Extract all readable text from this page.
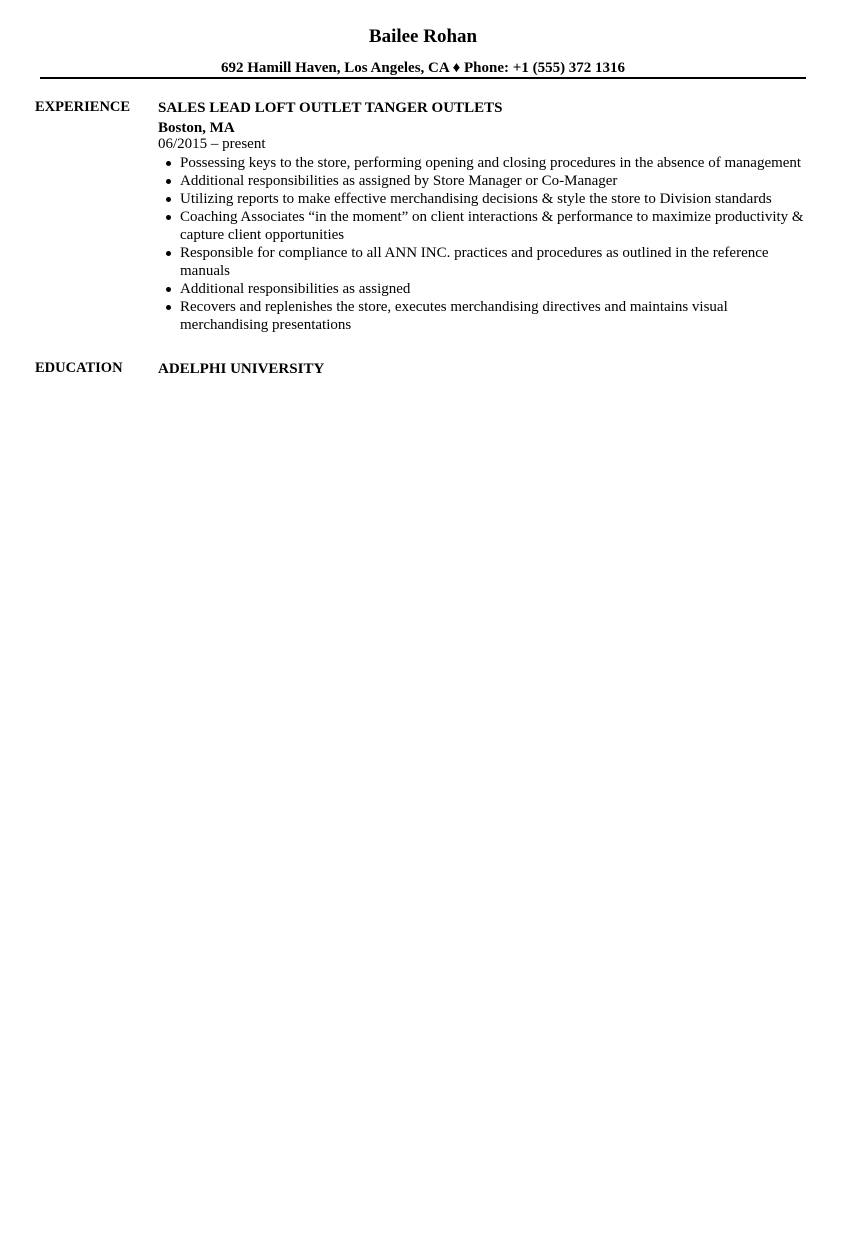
Bailee Rohan
692 Hamill Haven, Los Angeles, CA ♦ Phone: +1 (555) 372 1316
EXPERIENCE SALES LEAD LOFT OUTLET TANGER OUTLETS

Boston, MA

06/2015 – present

Possessing keys to the store, performing opening and closing procedures in the absence of management
Additional responsibilities as assigned by Store Manager or Co-Manager
Utilizing reports to make effective merchandising decisions & style the store to Division standards
Coaching Associates “in the moment” on client interactions & performance to maximize productivity & capture client opportunities
Responsible for compliance to all ANN INC. practices and procedures as outlined in the reference manuals
Additional responsibilities as assigned
Recovers and replenishes the store, executes merchandising directives and maintains visual merchandising presentations
EDUCATION ADELPHI UNIVERSITY
